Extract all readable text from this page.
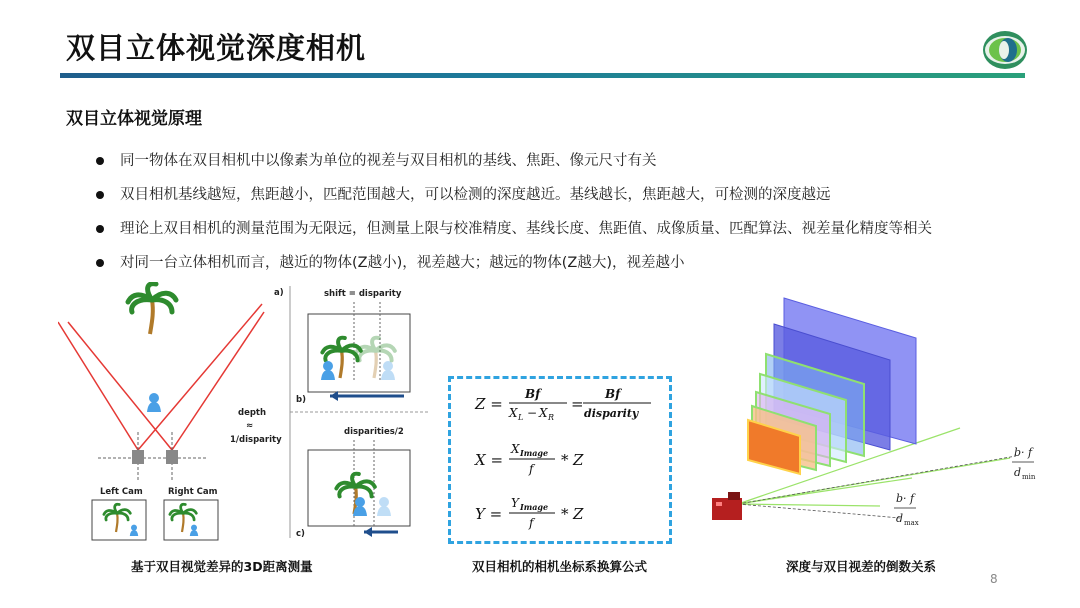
双目立体视觉深度相机
双目立体视觉原理
同一物体在双目相机中以像素为单位的视差与双目相机的基线、焦距、像元尺寸有关
双目相机基线越短，焦距越小，匹配范围越大，可以检测的深度越近。基线越长，焦距越大，可检测的深度越远
理论上双目相机的测量范围为无限远，但测量上限与校准精度、基线长度、焦距值、成像质量、匹配算法、视差量化精度等相关
对同一台立体相机而言，越近的物体(Z越小)，视差越大；越远的物体(Z越大)，视差越小
Left Cam	Right Cam
depth
≈
1/disparity
a)	shift = disparity
b)
disparities/2
c)
基于双目视觉差异的3D距离测量
Z =
Bf
X L − X R
=
Bf
disparity
X =
X Image
f * Z
Y =
Y Image
f * Z
双目相机的相机坐标系换算公式
b· f
d min
b· f
d max
深度与双目视差的倒数关系
8
